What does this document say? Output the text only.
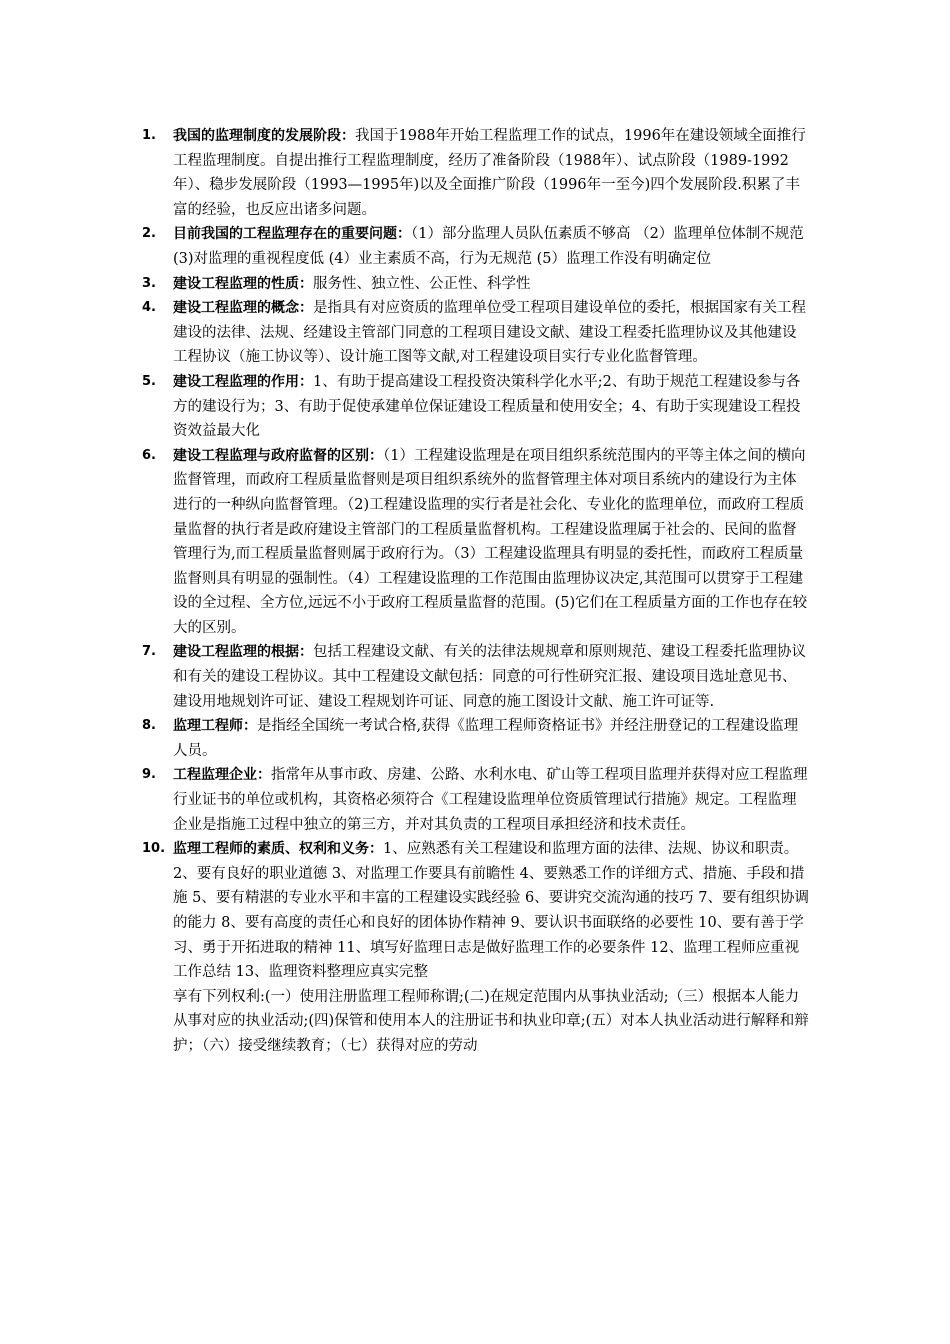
1. 我国的监理制度的发展阶段：我国于1988年开始工程监理工作的试点，1996年在建设领域全面推行工程监理制度。自提出推行工程监理制度，经历了准备阶段（1988年）、试点阶段（1989-1992年）、稳步发展阶段（1993—1995年)以及全面推广阶段（1996年一至今)四个发展阶段.积累了丰富的经验，也反应出诸多问题。
2. 目前我国的工程监理存在的重要问题：（1）部分监理人员队伍素质不够高 （2）监理单位体制不规范 (3)对监理的重视程度低 (4）业主素质不高，行为无规范 (5）监理工作没有明确定位
3. 建设工程监理的性质：服务性、独立性、公正性、科学性
4. 建设工程监理的概念：是指具有对应资质的监理单位受工程项目建设单位的委托，根据国家有关工程建设的法律、法规、经建设主管部门同意的工程项目建设文献、建设工程委托监理协议及其他建设工程协议（施工协议等）、设计施工图等文献,对工程建设项目实行专业化监督管理。
5. 建设工程监理的作用：1、有助于提高建设工程投资决策科学化水平;2、有助于规范工程建设参与各方的建设行为；3、有助于促使承建单位保证建设工程质量和使用安全；4、有助于实现建设工程投资效益最大化
6. 建设工程监理与政府监督的区别：（1）工程建设监理是在项目组织系统范围内的平等主体之间的横向监督管理，而政府工程质量监督则是项目组织系统外的监督管理主体对项目系统内的建设行为主体进行的一种纵向监督管理。（2)工程建设监理的实行者是社会化、专业化的监理单位，而政府工程质量监督的执行者是政府建设主管部门的工程质量监督机构。工程建设监理属于社会的、民间的监督管理行为,而工程质量监督则属于政府行为。（3）工程建设监理具有明显的委托性，而政府工程质量监督则具有明显的强制性。（4）工程建设监理的工作范围由监理协议决定,其范围可以贯穿于工程建设的全过程、全方位,远远不小于政府工程质量监督的范围。(5)它们在工程质量方面的工作也存在较大的区别。
7. 建设工程监理的根据：包括工程建设文献、有关的法律法规规章和原则规范、建设工程委托监理协议和有关的建设工程协议。其中工程建设文献包括：同意的可行性研究汇报、建设项目选址意见书、建设用地规划许可证、建设工程规划许可证、同意的施工图设计文献、施工许可证等.
8. 监理工程师：是指经全国统一考试合格,获得《监理工程师资格证书》并经注册登记的工程建设监理人员。
9. 工程监理企业：指常年从事市政、房建、公路、水利水电、矿山等工程项目监理并获得对应工程监理行业证书的单位或机构，其资格必须符合《工程建设监理单位资质管理试行措施》规定。工程监理企业是指施工过程中独立的第三方，并对其负责的工程项目承担经济和技术责任。
10. 监理工程师的素质、权利和义务：1、应熟悉有关工程建设和监理方面的法律、法规、协议和职责。2、要有良好的职业道德 3、对监理工作要具有前瞻性 4、要熟悉工作的详细方式、措施、手段和措施 5、要有精湛的专业水平和丰富的工程建设实践经验 6、要讲究交流沟通的技巧 7、要有组织协调的能力 8、要有高度的责任心和良好的团体协作精神 9、要认识书面联络的必要性 10、要有善于学习、勇于开拓进取的精神 11、填写好监理日志是做好监理工作的必要条件 12、监理工程师应重视工作总结 13、监理资料整理应真实完整
享有下列权利:(一）使用注册监理工程师称谓;(二)在规定范围内从事执业活动;（三）根据本人能力从事对应的执业活动;(四)保管和使用本人的注册证书和执业印章;(五）对本人执业活动进行解释和辩护；（六）接受继续教育；（七）获得对应的劳动
